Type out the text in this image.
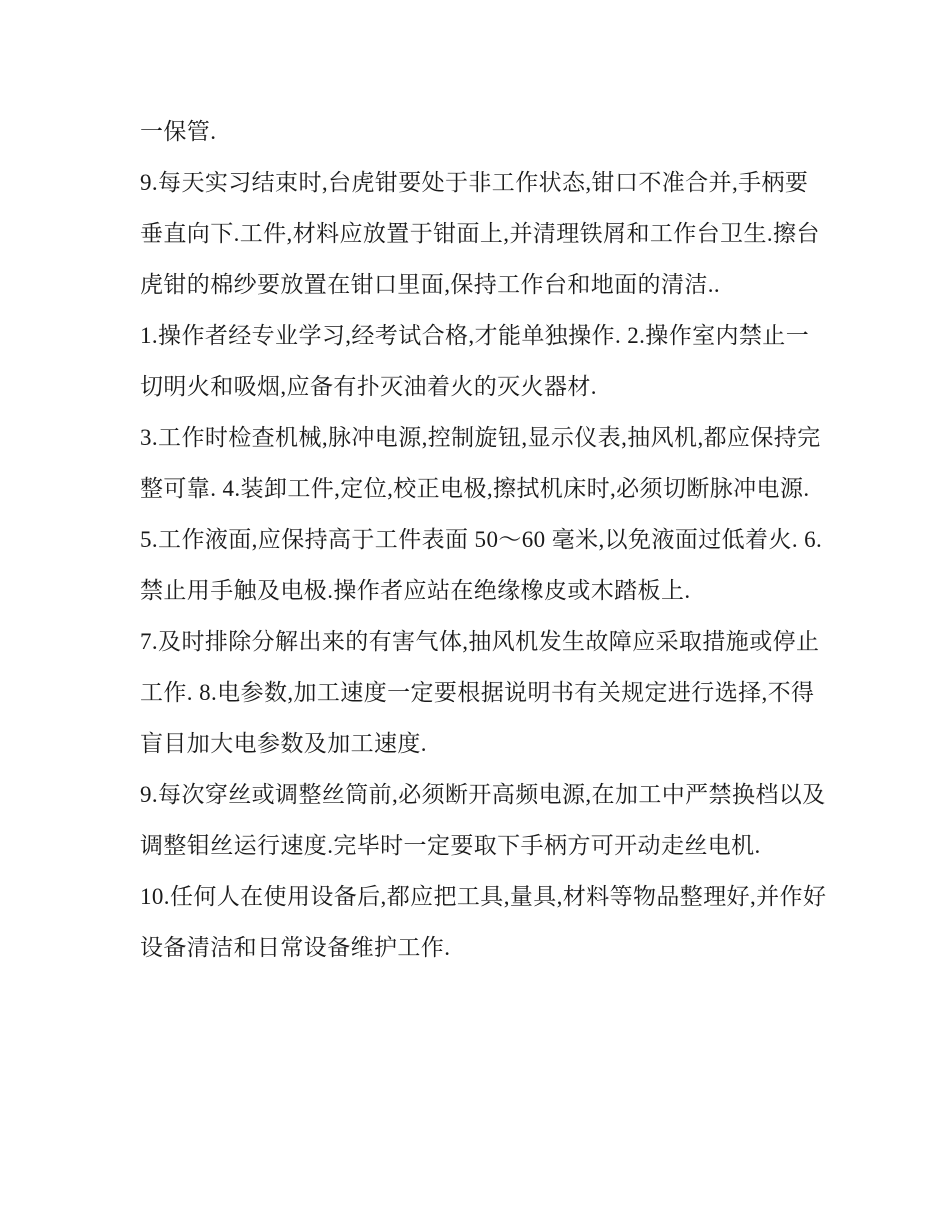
一保管.

9.每天实习结束时,台虎钳要处于非工作状态,钳口不准合并,手柄要垂直向下.工件,材料应放置于钳面上,并清理铁屑和工作台卫生.擦台虎钳的棉纱要放置在钳口里面,保持工作台和地面的清洁..

1.操作者经专业学习,经考试合格,才能单独操作. 2.操作室内禁止一切明火和吸烟,应备有扑灭油着火的灭火器材.

3.工作时检查机械,脉冲电源,控制旋钮,显示仪表,抽风机,都应保持完整可靠. 4.装卸工件,定位,校正电极,擦拭机床时,必须切断脉冲电源.

5.工作液面,应保持高于工件表面 50～60 毫米,以免液面过低着火. 6.禁止用手触及电极.操作者应站在绝缘橡皮或木踏板上.

7.及时排除分解出来的有害气体,抽风机发生故障应采取措施或停止工作. 8.电参数,加工速度一定要根据说明书有关规定进行选择,不得盲目加大电参数及加工速度.

9.每次穿丝或调整丝筒前,必须断开高频电源,在加工中严禁换档以及调整钼丝运行速度.完毕时一定要取下手柄方可开动走丝电机.

10.任何人在使用设备后,都应把工具,量具,材料等物品整理好,并作好设备清洁和日常设备维护工作.
